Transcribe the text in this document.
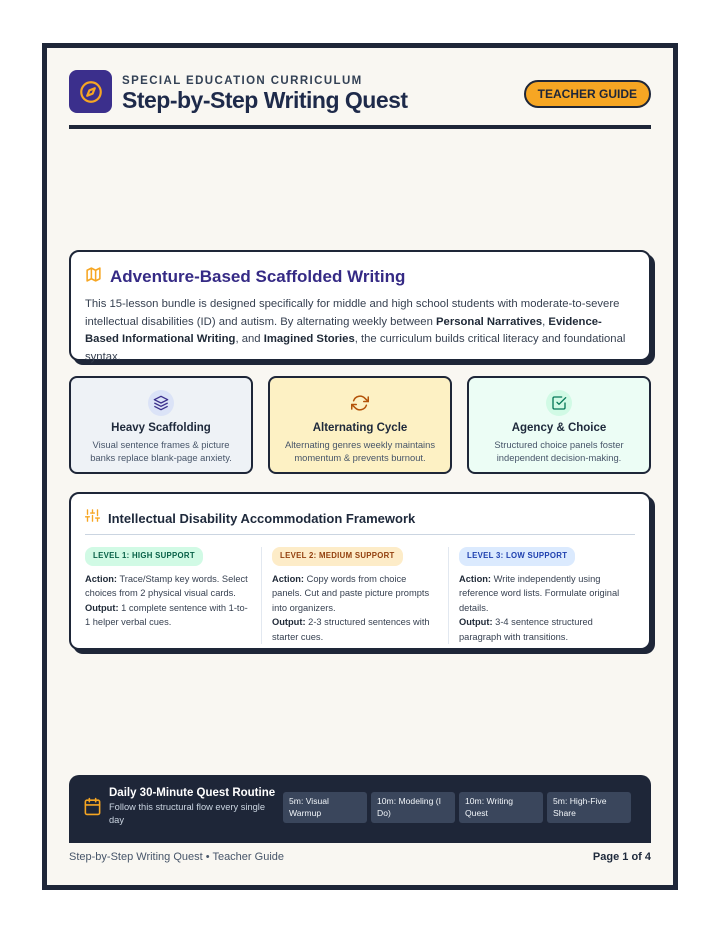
SPECIAL EDUCATION CURRICULUM
Step-by-Step Writing Quest	TEACHER GUIDE
Adventure-Based Scaffolded Writing

This 15-lesson bundle is designed specifically for middle and high school students with moderate-to-severe intellectual disabilities (ID) and autism. By alternating weekly between Personal Narratives, Evidence-Based Informational Writing, and Imagined Stories, the curriculum builds critical literacy and foundational syntax.

Heavy Scaffolding
Visual sentence frames & picture banks replace blank-page anxiety.
Alternating Cycle
Alternating genres weekly maintains momentum & prevents burnout.
Agency & Choice
Structured choice panels foster independent decision-making.
Intellectual Disability Accommodation Framework
LEVEL 1: HIGH SUPPORT
Action: Trace/Stamp key words. Select choices from 2 physical visual cards.
Output: 1 complete sentence with 1-to-1 helper verbal cues.
LEVEL 2: MEDIUM SUPPORT
Action: Copy words from choice panels. Cut and paste picture prompts into organizers.
Output: 2-3 structured sentences with starter cues.
LEVEL 3: LOW SUPPORT
Action: Write independently using reference word lists. Formulate original details.
Output: 3-4 sentence structured paragraph with transitions.
Daily 30-Minute Quest Routine
Follow this structural flow every single day
5m: Visual Warmup
10m: Modeling (I Do)
10m: Writing Quest
5m: High-Five Share
Step-by-Step Writing Quest • Teacher Guide	Page 1 of 4
